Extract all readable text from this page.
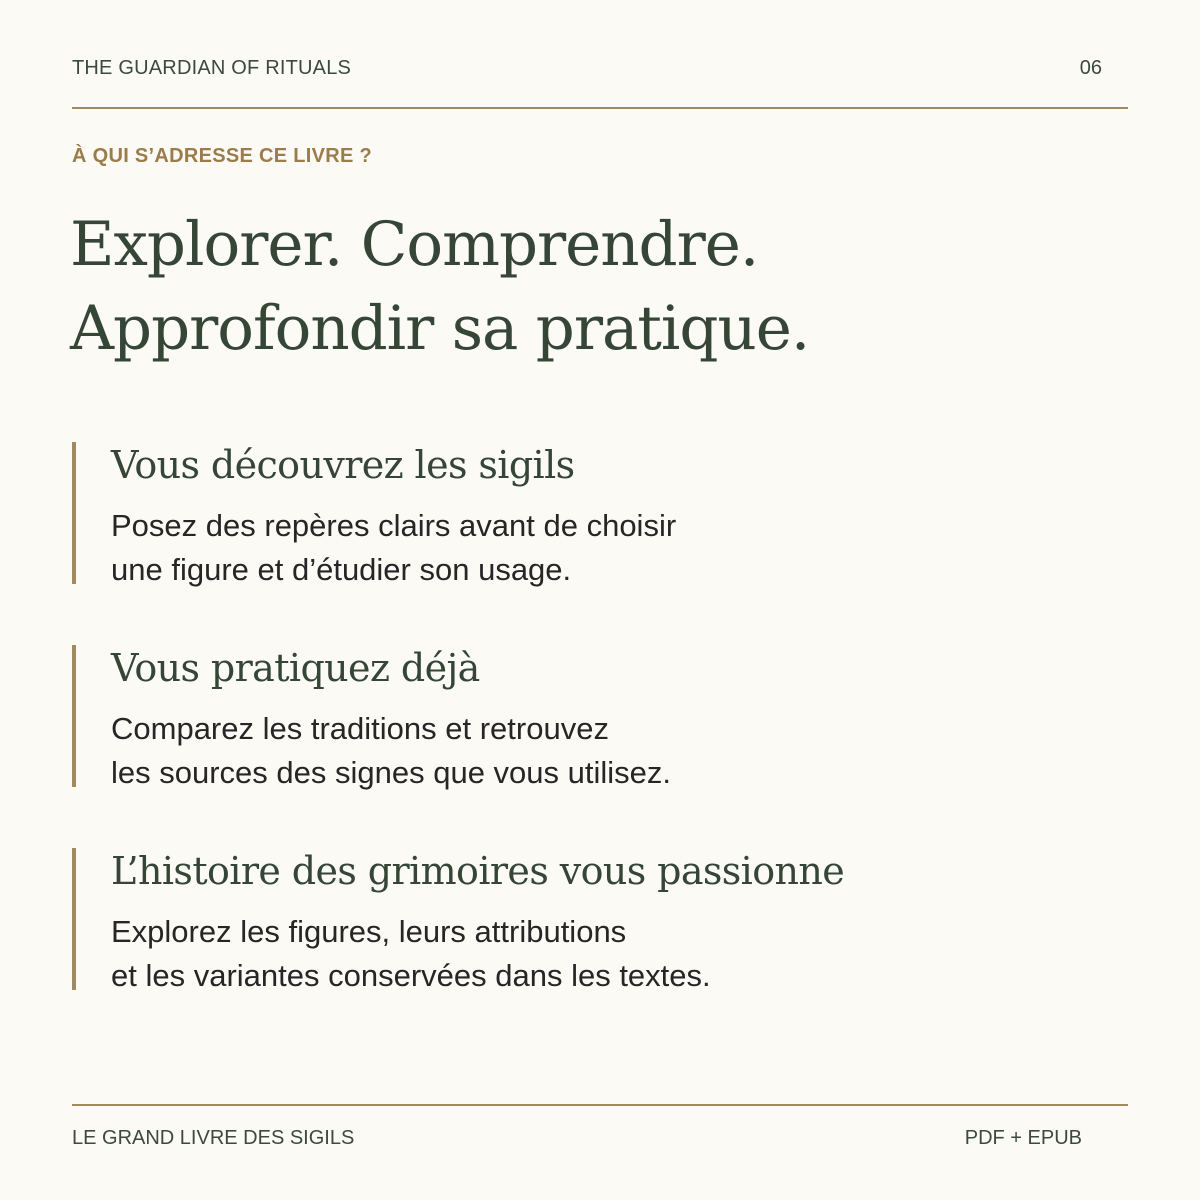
THE GUARDIAN OF RITUALS	06
À QUI S’ADRESSE CE LIVRE ?
Explorer. Comprendre.
Approfondir sa pratique.
Vous découvrez les sigils

Posez des repères clairs avant de choisir
une figure et d’étudier son usage.

Vous pratiquez déjà

Comparez les traditions et retrouvez
les sources des signes que vous utilisez.

L’histoire des grimoires vous passionne

Explorez les figures, leurs attributions
et les variantes conservées dans les textes.

LE GRAND LIVRE DES SIGILS	PDF + EPUB
